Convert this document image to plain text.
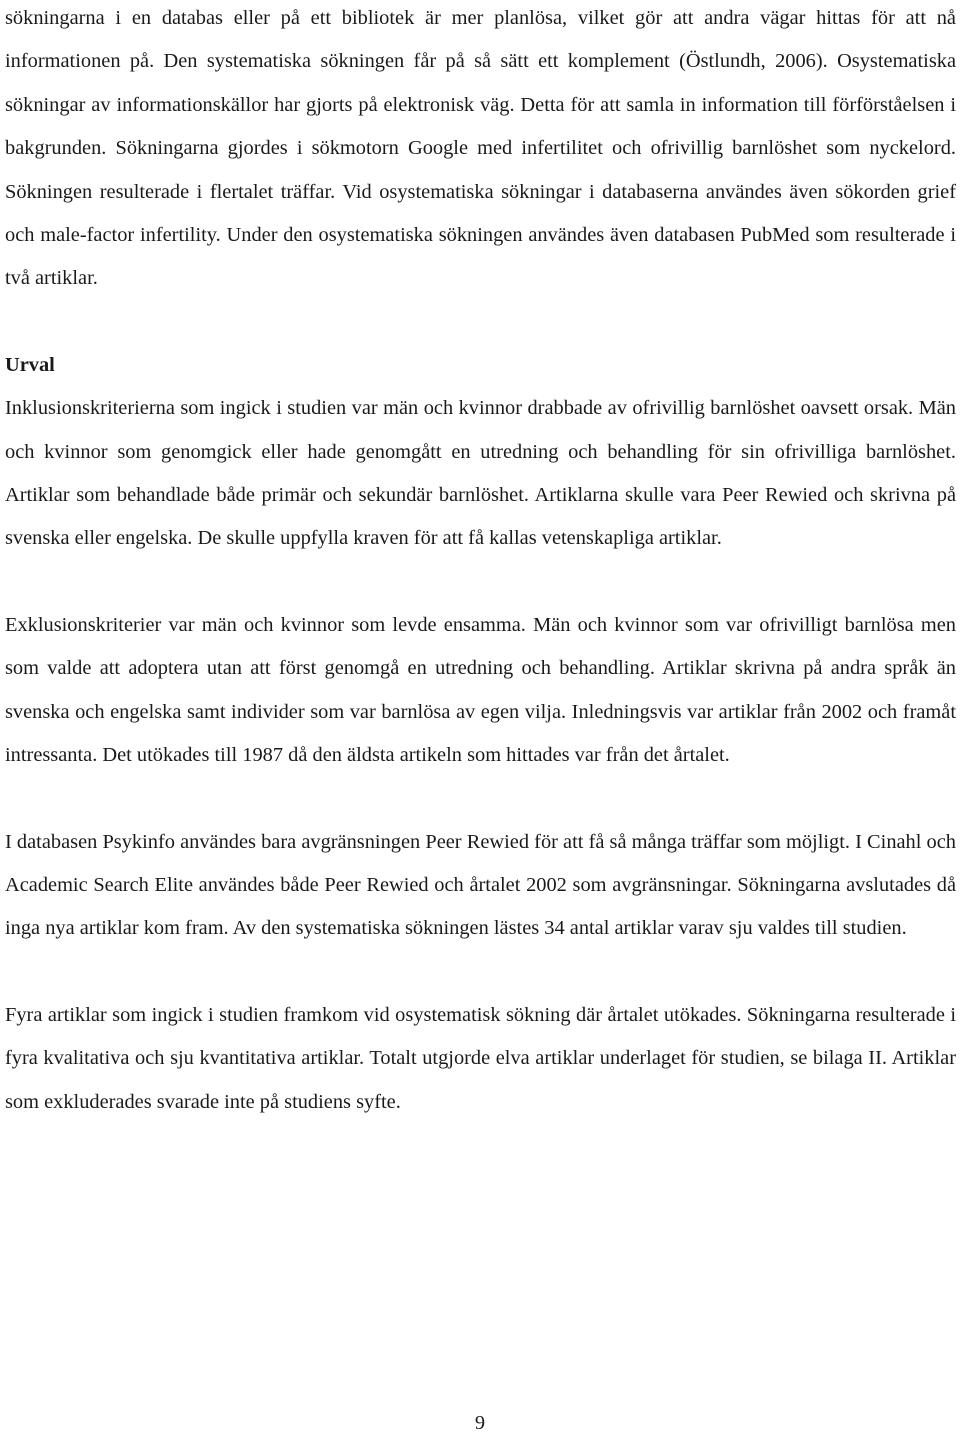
sökningarna i en databas eller på ett bibliotek är mer planlösa, vilket gör att andra vägar hittas för att nå informationen på. Den systematiska sökningen får på så sätt ett komplement (Östlundh, 2006). Osystematiska sökningar av informationskällor har gjorts på elektronisk väg. Detta för att samla in information till förförståelsen i bakgrunden. Sökningarna gjordes i sökmotorn Google med infertilitet och ofrivillig barnlöshet som nyckelord. Sökningen resulterade i flertalet träffar. Vid osystematiska sökningar i databaserna användes även sökorden grief och male-factor infertility. Under den osystematiska sökningen användes även databasen PubMed som resulterade i två artiklar.

Urval

Inklusionskriterierna som ingick i studien var män och kvinnor drabbade av ofrivillig barnlöshet oavsett orsak. Män och kvinnor som genomgick eller hade genomgått en utredning och behandling för sin ofrivilliga barnlöshet. Artiklar som behandlade både primär och sekundär barnlöshet. Artiklarna skulle vara Peer Rewied och skrivna på svenska eller engelska. De skulle uppfylla kraven för att få kallas vetenskapliga artiklar.

Exklusionskriterier var män och kvinnor som levde ensamma. Män och kvinnor som var ofrivilligt barnlösa men som valde att adoptera utan att först genomgå en utredning och behandling. Artiklar skrivna på andra språk än svenska och engelska samt individer som var barnlösa av egen vilja. Inledningsvis var artiklar från 2002 och framåt intressanta. Det utökades till 1987 då den äldsta artikeln som hittades var från det årtalet.

I databasen Psykinfo användes bara avgränsningen Peer Rewied för att få så många träffar som möjligt. I Cinahl och Academic Search Elite användes både Peer Rewied och årtalet 2002 som avgränsningar. Sökningarna avslutades då inga nya artiklar kom fram. Av den systematiska sökningen lästes 34 antal artiklar varav sju valdes till studien.

Fyra artiklar som ingick i studien framkom vid osystematisk sökning där årtalet utökades. Sökningarna resulterade i fyra kvalitativa och sju kvantitativa artiklar. Totalt utgjorde elva artiklar underlaget för studien, se bilaga II. Artiklar som exkluderades svarade inte på studiens syfte.

9
